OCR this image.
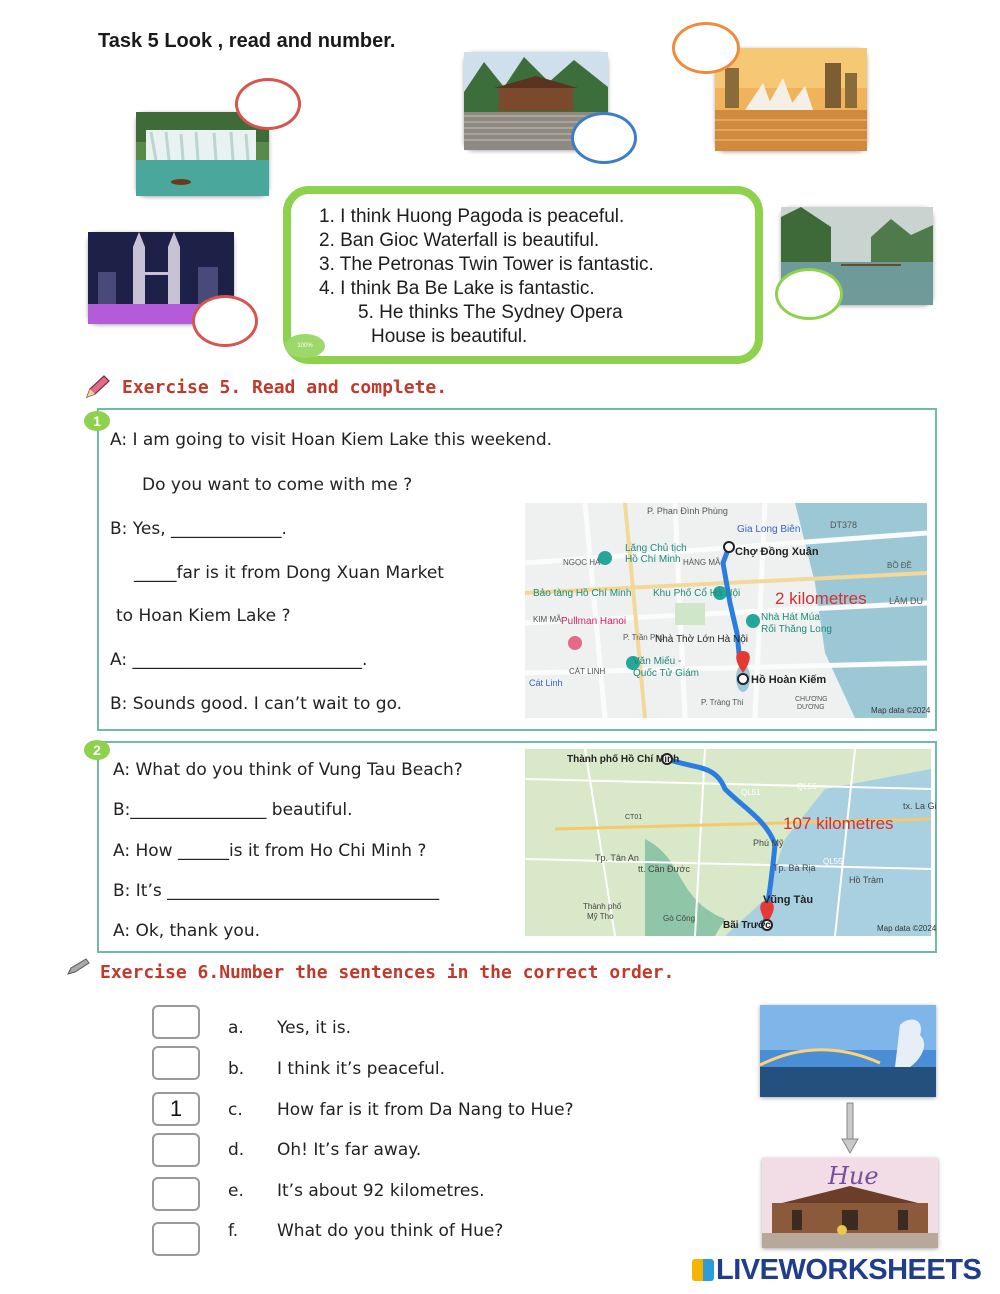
Task 5 Look , read and number.
1. I think Huong Pagoda is peaceful.
2. Ban Gioc Waterfall is beautiful.
3. The Petronas Twin Tower is fantastic.
4. I think Ba Be Lake is fantastic.
5. He thinks The Sydney Opera
House is beautiful.
100% NATURE
Exercise 5. Read and complete.
1
A: I am going to visit Hoan Kiem Lake this weekend.
Do you want to come with me ?
B: Yes, _____________.
_____far is it from Dong Xuan Market
to Hoan Kiem Lake ?
A: ___________________________.
B: Sounds good. I can’t wait to go.
P. Phan Đình Phùng
Gia Long Biên	DT378
Lăng Chủ tịch
Hồ Chí Minh
Chợ Đồng Xuân
NGỌC HÀ	HÀNG MÃ	BỒ ĐỀ
Bảo tàng Hồ Chí Minh Khu Phố Cổ Hà Nội
LÂM DU
KIM MÃ Pullman Hanoi	Nhà Hát Múa
Rối Thăng Long
P. Trần Phú
Nhà Thờ Lớn Hà Nội
Văn Miếu -
Quốc Tử Giám
CÁT LINH
Cát Linh	Hồ Hoàn Kiếm
P. Tràng Thi	CHƯƠNG
DƯƠNG	Map data ©2024
2 kilometres
2
A: What do you think of Vung Tau Beach?
B:________________ beautiful.
A: How ______is it from Ho Chi Minh ?
B: It’s ________________________________
A: Ok, thank you.
Thành phố Hồ Chí Minh
QL51
QL56
tx. La Gi
CT01
Phú Mỹ
Tp. Tân An
tt. Cần Đước	Tp. Bà Rịa
QL55
Hồ Tràm
Vũng Tàu
Thành phố
Mỹ Tho	Gò Công
Bãi Trước	Map data ©2024
107 kilometres
Exercise 6.Number the sentences in the correct order.
a. Yes, it is.
b. I think it’s peaceful.
1	c. How far is it from Da Nang to Hue?
d. Oh! It’s far away.
e. It’s about 92 kilometres.
f. What do you think of Hue?
Hue
LIVEWORKSHEETS
